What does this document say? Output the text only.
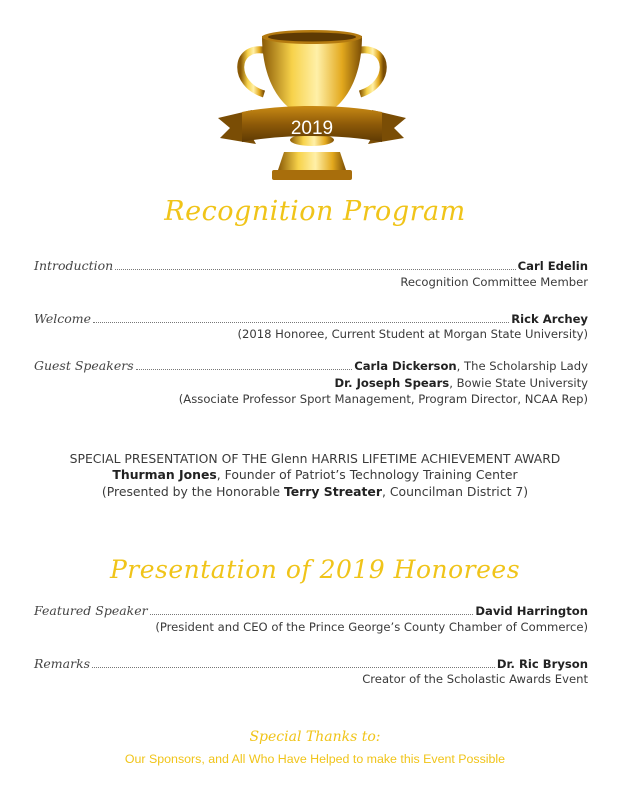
2019
Recognition Program
Introduction	Carl Edelin
Recognition Committee Member
Welcome	Rick Archey
(2018 Honoree, Current Student at Morgan State University)
Guest Speakers	Carla Dickerson, The Scholarship Lady
Dr. Joseph Spears, Bowie State University
(Associate Professor Sport Management, Program Director, NCAA Rep)
SPECIAL PRESENTATION OF THE Glenn HARRIS LIFETIME ACHIEVEMENT AWARD
Thurman Jones, Founder of Patriot’s Technology Training Center
(Presented by the Honorable Terry Streater, Councilman District 7)
Presentation of 2019 Honorees
Featured Speaker	David Harrington
(President and CEO of the Prince George’s County Chamber of Commerce)
Remarks	Dr. Ric Bryson
Creator of the Scholastic Awards Event
Special Thanks to:
Our Sponsors, and All Who Have Helped to make this Event Possible
